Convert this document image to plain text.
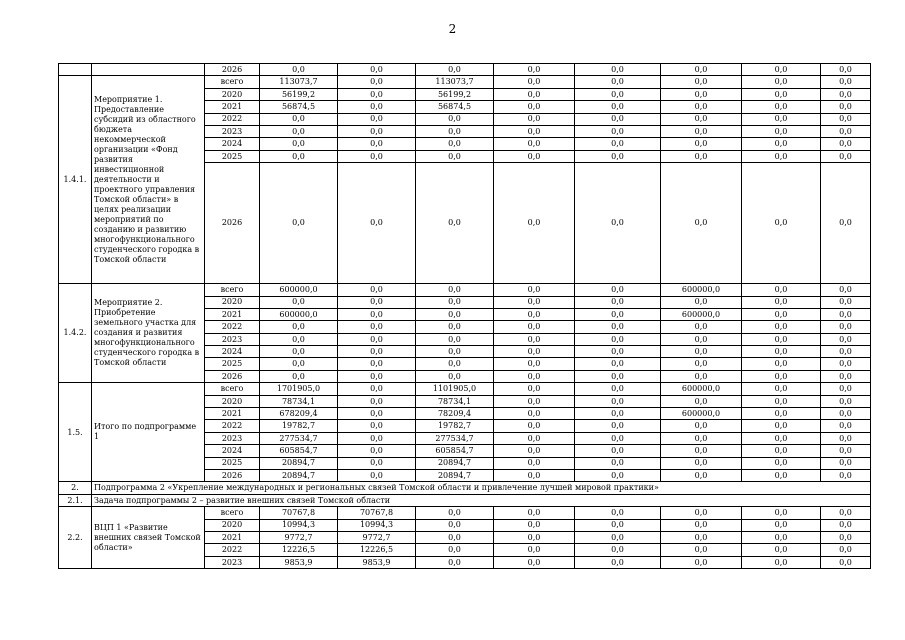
2
		2026	0,0	0,0	0,0	0,0	0,0	0,0	0,0	0,0
1.4.1.	Мероприятие 1. Предоставление субсидий из областного бюджета некоммерческой организации «Фонд развития инвестиционной деятельности и проектного управления Томской области» в целях реализации мероприятий по созданию и развитию многофункционального студенческого городка в Томской области	всего	113073,7	0,0	113073,7	0,0	0,0	0,0	0,0	0,0
		2020	56199,2	0,0	56199,2	0,0	0,0	0,0	0,0	0,0
		2021	56874,5	0,0	56874,5	0,0	0,0	0,0	0,0	0,0
		2022	0,0	0,0	0,0	0,0	0,0	0,0	0,0	0,0
		2023	0,0	0,0	0,0	0,0	0,0	0,0	0,0	0,0
		2024	0,0	0,0	0,0	0,0	0,0	0,0	0,0	0,0
		2025	0,0	0,0	0,0	0,0	0,0	0,0	0,0	0,0
		2026	0,0	0,0	0,0	0,0	0,0	0,0	0,0	0,0
1.4.2.	Мероприятие 2. Приобретение земельного участка для создания и развития многофункционального студенческого городка в Томской области	всего	600000,0	0,0	0,0	0,0	0,0	600000,0	0,0	0,0
		2020	0,0	0,0	0,0	0,0	0,0	0,0	0,0	0,0
		2021	600000,0	0,0	0,0	0,0	0,0	600000,0	0,0	0,0
		2022	0,0	0,0	0,0	0,0	0,0	0,0	0,0	0,0
		2023	0,0	0,0	0,0	0,0	0,0	0,0	0,0	0,0
		2024	0,0	0,0	0,0	0,0	0,0	0,0	0,0	0,0
		2025	0,0	0,0	0,0	0,0	0,0	0,0	0,0	0,0
		2026	0,0	0,0	0,0	0,0	0,0	0,0	0,0	0,0
1.5.	Итого по подпрограмме 1	всего	1701905,0	0,0	1101905,0	0,0	0,0	600000,0	0,0	0,0
		2020	78734,1	0,0	78734,1	0,0	0,0	0,0	0,0	0,0
		2021	678209,4	0,0	78209,4	0,0	0,0	600000,0	0,0	0,0
		2022	19782,7	0,0	19782,7	0,0	0,0	0,0	0,0	0,0
		2023	277534,7	0,0	277534,7	0,0	0,0	0,0	0,0	0,0
		2024	605854,7	0,0	605854,7	0,0	0,0	0,0	0,0	0,0
		2025	20894,7	0,0	20894,7	0,0	0,0	0,0	0,0	0,0
		2026	20894,7	0,0	20894,7	0,0	0,0	0,0	0,0	0,0
2.	Подпрограмма 2 «Укрепление международных и региональных связей Томской области и привлечение лучшей мировой практики»									
2.1.	Задача подпрограммы 2 – развитие внешних связей Томской области									
2.2.	ВЦП 1 «Развитие внешних связей Томской области»	всего	70767,8	70767,8	0,0	0,0	0,0	0,0	0,0	0,0
		2020	10994,3	10994,3	0,0	0,0	0,0	0,0	0,0	0,0
		2021	9772,7	9772,7	0,0	0,0	0,0	0,0	0,0	0,0
		2022	12226,5	12226,5	0,0	0,0	0,0	0,0	0,0	0,0
		2023	9853,9	9853,9	0,0	0,0	0,0	0,0	0,0	0,0
